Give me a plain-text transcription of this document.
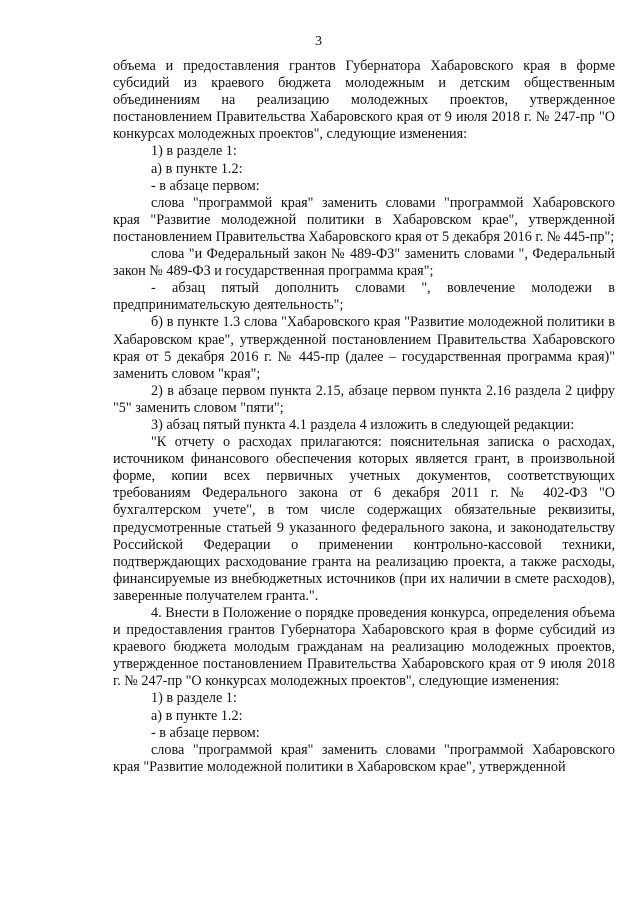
3

объема и предоставления грантов Губернатора Хабаровского края в форме субсидий из краевого бюджета молодежным и детским общественным объединениям на реализацию молодежных проектов, утвержденное постановлением Правительства Хабаровского края от 9 июля 2018 г. № 247-пр "О конкурсах молодежных проектов", следующие изменения:

1) в разделе 1:

а) в пункте 1.2:

- в абзаце первом:

слова "программой края" заменить словами "программой Хабаровского края "Развитие молодежной политики в Хабаровском крае", утвержденной постановлением Правительства Хабаровского края от 5 декабря 2016 г. № 445-пр";

слова "и Федеральный закон № 489-ФЗ" заменить словами ", Федеральный закон № 489-ФЗ и государственная программа края";

- абзац пятый дополнить словами ", вовлечение молодежи в предпринимательскую деятельность";

б) в пункте 1.3 слова "Хабаровского края "Развитие молодежной политики в Хабаровском крае", утвержденной постановлением Правительства Хабаровского края от 5 декабря 2016 г. № 445-пр (далее – государственная программа края)" заменить словом "края";

2) в абзаце первом пункта 2.15, абзаце первом пункта 2.16 раздела 2 цифру "5" заменить словом "пяти";

3) абзац пятый пункта 4.1 раздела 4 изложить в следующей редакции:

"К отчету о расходах прилагаются: пояснительная записка о расходах, источником финансового обеспечения которых является грант, в произвольной форме, копии всех первичных учетных документов, соответствующих требованиям Федерального закона от 6 декабря 2011 г. № 402-ФЗ "О бухгалтерском учете", в том числе содержащих обязательные реквизиты, предусмотренные статьей 9 указанного федерального закона, и законодательству Российской Федерации о применении контрольно-кассовой техники, подтверждающих расходование гранта на реализацию проекта, а также расходы, финансируемые из внебюджетных источников (при их наличии в смете расходов), заверенные получателем гранта.".

4. Внести в Положение о порядке проведения конкурса, определения объема и предоставления грантов Губернатора Хабаровского края в форме субсидий из краевого бюджета молодым гражданам на реализацию молодежных проектов, утвержденное постановлением Правительства Хабаровского края от 9 июля 2018 г. № 247-пр "О конкурсах молодежных проектов", следующие изменения:

1) в разделе 1:

а) в пункте 1.2:

- в абзаце первом:

слова "программой края" заменить словами "программой Хабаровского края "Развитие молодежной политики в Хабаровском крае", утвержденной
